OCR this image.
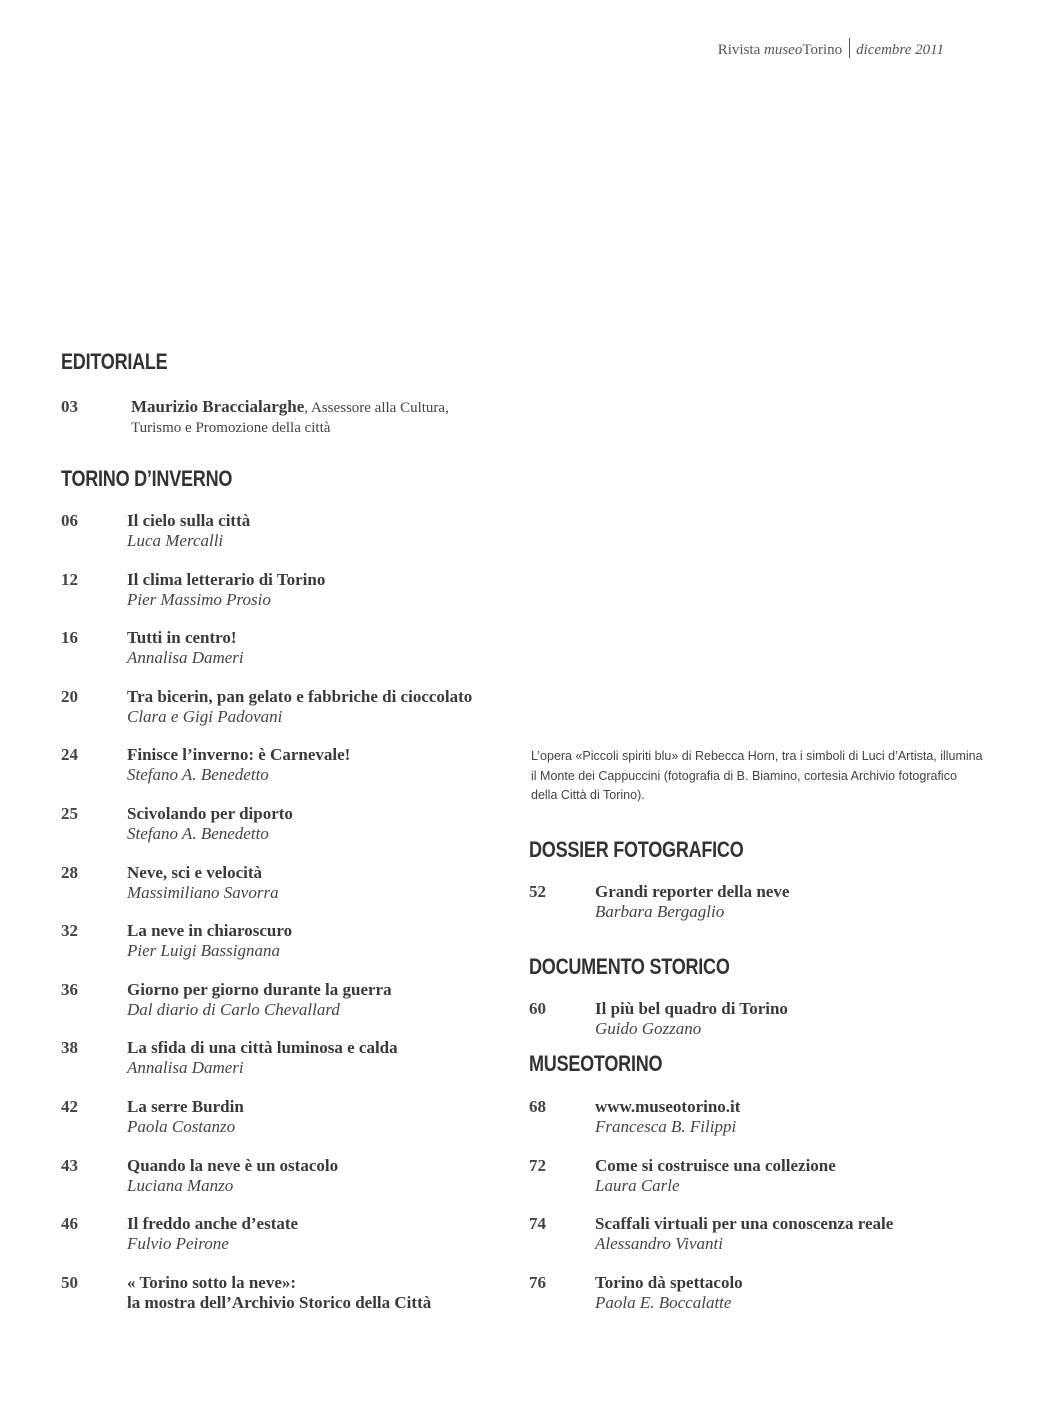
Rivista museoTorino dicembre 2011
EDITORIALE
03	Maurizio Braccialarghe, Assessore alla Cultura,
Turismo e Promozione della città
TORINO D’INVERNO
06	Il cielo sulla città
Luca Mercalli
12	Il clima letterario di Torino
Pier Massimo Prosio
16	Tutti in centro!
Annalisa Dameri
20	Tra bicerin, pan gelato e fabbriche di cioccolato
Clara e Gigi Padovani
24	Finisce l’inverno: è Carnevale!
Stefano A. Benedetto
25	Scivolando per diporto
Stefano A. Benedetto
28	Neve, sci e velocità
Massimiliano Savorra
32	La neve in chiaroscuro
Pier Luigi Bassignana
36	Giorno per giorno durante la guerra
Dal diario di Carlo Chevallard
38	La sfida di una città luminosa e calda
Annalisa Dameri
42	La serre Burdin
Paola Costanzo
43	Quando la neve è un ostacolo
Luciana Manzo
46	Il freddo anche d’estate
Fulvio Peirone
50	« Torino sotto la neve»:
la mostra dell’Archivio Storico della Città
L’opera «Piccoli spiriti blu» di Rebecca Horn, tra i simboli di Luci d’Artista, illumina
il Monte dei Cappuccini (fotografia di B. Biamino, cortesia Archivio fotografico
della Città di Torino).
DOSSIER FOTOGRAFICO
52	Grandi reporter della neve
Barbara Bergaglio
DOCUMENTO STORICO
60	Il più bel quadro di Torino
Guido Gozzano
MUSEOTORINO
68	www.museotorino.it
Francesca B. Filippi
72	Come si costruisce una collezione
Laura Carle
74	Scaffali virtuali per una conoscenza reale
Alessandro Vivanti
76	Torino dà spettacolo
Paola E. Boccalatte
